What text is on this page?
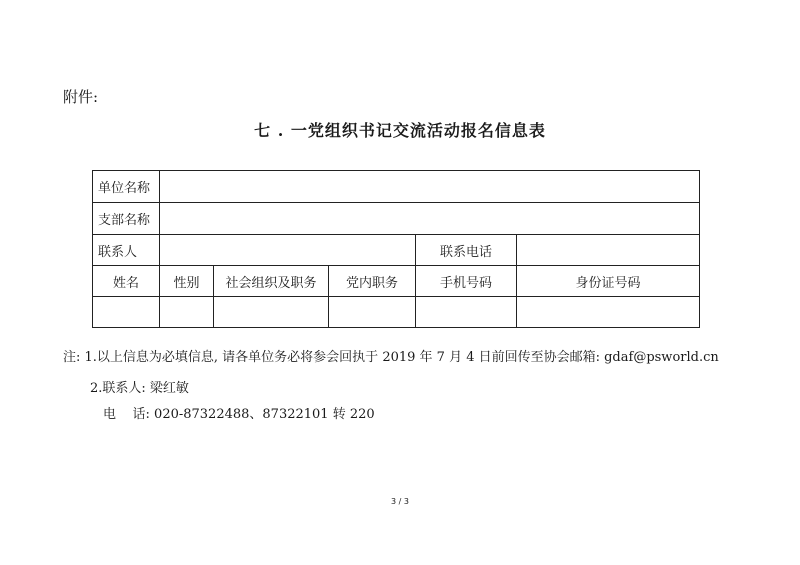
附件:
七 . 一党组织书记交流活动报名信息表
单位名称					
支部名称					
联系人				联系电话	
姓名	性别	社会组织及职务	党内职务	手机号码	身份证号码

注: 1.以上信息为必填信息, 请各单位务必将参会回执于 2019 年 7 月 4 日前回传至协会邮箱: gdaf@psworld.cn
2.联系人: 梁红敏
电    话: 020-87322488、87322101 转 220
3 / 3
